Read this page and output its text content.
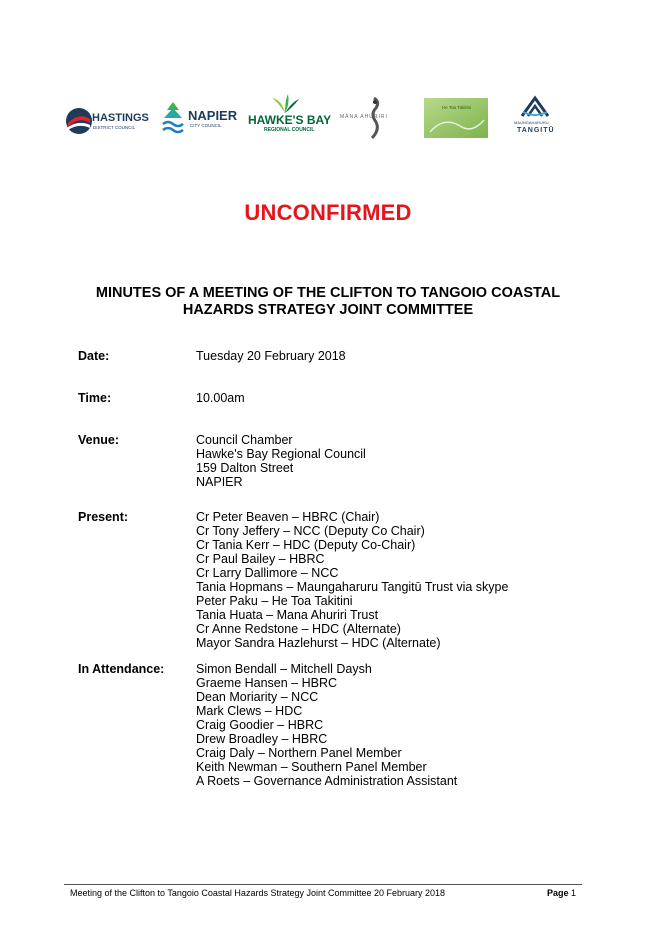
HASTINGS
DISTRICT COUNCIL
NAPIER
CITY COUNCIL HAWKE'S BAY
REGIONAL COUNCIL
MANA AHURIRI
He Toa Takitini
MAUNGAHARURU
TANGITŪ
UNCONFIRMED
MINUTES OF A MEETING OF THE CLIFTON TO TANGOIO COASTAL
HAZARDS STRATEGY JOINT COMMITTEE
Date:	Tuesday 20 February 2018
Time:	10.00am
Venue:	Council Chamber
Hawke's Bay Regional Council
159 Dalton Street
NAPIER
Present:	Cr Peter Beaven – HBRC (Chair)
Cr Tony Jeffery – NCC (Deputy Co Chair)
Cr Tania Kerr – HDC (Deputy Co-Chair)
Cr Paul Bailey – HBRC
Cr Larry Dallimore – NCC
Tania Hopmans – Maungaharuru Tangitū Trust via skype
Peter Paku – He Toa Takitini
Tania Huata – Mana Ahuriri Trust
Cr Anne Redstone – HDC (Alternate)
Mayor Sandra Hazlehurst – HDC (Alternate)
In Attendance:	Simon Bendall – Mitchell Daysh
Graeme Hansen – HBRC
Dean Moriarity – NCC
Mark Clews – HDC
Craig Goodier – HBRC
Drew Broadley – HBRC
Craig Daly – Northern Panel Member
Keith Newman – Southern Panel Member
A Roets – Governance Administration Assistant
Meeting of the Clifton to Tangoio Coastal Hazards Strategy Joint Committee 20 February 2018	Page 1
